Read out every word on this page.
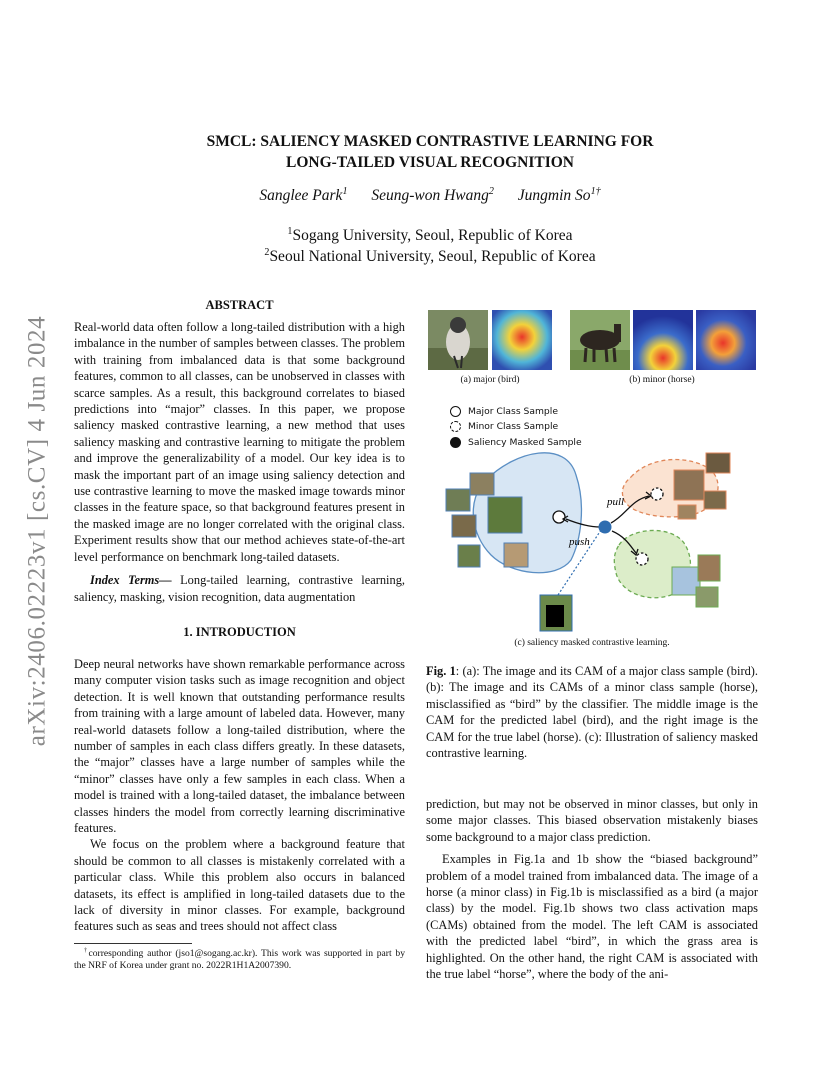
arXiv:2406.02223v1 [cs.CV] 4 Jun 2024
SMCL: SALIENCY MASKED CONTRASTIVE LEARNING FOR
LONG-TAILED VISUAL RECOGNITION
Sanglee Park$^1$ Seung-won Hwang$^2$ Jungmin $So^{1\dagger}$
$^1$Sogang University, Seoul, Republic of Korea
$^2$Seoul National University, Seoul, Republic of Korea
ABSTRACT

Real-world data often follow a long-tailed distribution with a high imbalance in the number of samples between classes. The problem with training from imbalanced data is that some background features, common to all classes, can be unobserved in classes with scarce samples. As a result, this background correlates to biased predictions into “major” classes. In this paper, we propose saliency masked contrastive learning, a new method that uses saliency masking and contrastive learning to mitigate the problem and improve the generalizability of a model. Our key idea is to mask the important part of an image using saliency detection and use contrastive learning to move the masked image towards minor classes in the feature space, so that background features present in the masked image are no longer correlated with the original class. Experiment results show that our method achieves state-of-the-art level performance on benchmark long-tailed datasets.

Index Terms— Long-tailed learning, contrastive learning, saliency, masking, vision recognition, data augmentation

1. INTRODUCTION

Deep neural networks have shown remarkable performance across many computer vision tasks such as image recognition and object detection. It is well known that outstanding performance results from training with a large amount of labeled data. However, many real-world datasets follow a long-tailed distribution, where the number of samples in each class differs greatly. In these datasets, the “major” classes have a large number of samples while the “minor” classes have only a few samples in each class. When a model is trained with a long-tailed dataset, the imbalance between classes hinders the model from correctly learning discriminative features.

We focus on the problem where a background feature that should be common to all classes is mistakenly correlated with a particular class. While this problem also occurs in balanced datasets, its effect is amplified in long-tailed datasets due to the lack of diversity in minor classes. For example, background features such as seas and trees should not affect class

†corresponding author (jso1@sogang.ac.kr). This work was supported in part by the NRF of Korea under grant no. 2022R1H1A2007390.

(a) major (bird)	(b) minor (horse)
Major Class Sample
Minor Class Sample
Saliency Masked Sample
pull
push
(c) saliency masked contrastive learning.

Fig. 1: (a): The image and its CAM of a major class sample (bird). (b): The image and its CAMs of a minor class sample (horse), misclassified as “bird” by the classifier. The middle image is the CAM for the predicted label (bird), and the right image is the CAM for the true label (horse). (c): Illustration of saliency masked contrastive learning.

prediction, but may not be observed in minor classes, but only in some major classes. This biased observation mistakenly biases some background to a major class prediction.

Examples in Fig.1a and 1b show the “biased background” problem of a model trained from imbalanced data. The image of a horse (a minor class) in Fig.1b is misclassified as a bird (a major class) by the model. Fig.1b shows two class activation maps (CAMs) obtained from the model. The left CAM is associated with the predicted label “bird”, in which the grass area is highlighted. On the other hand, the right CAM is associated with the true label “horse”, where the body of the ani-
